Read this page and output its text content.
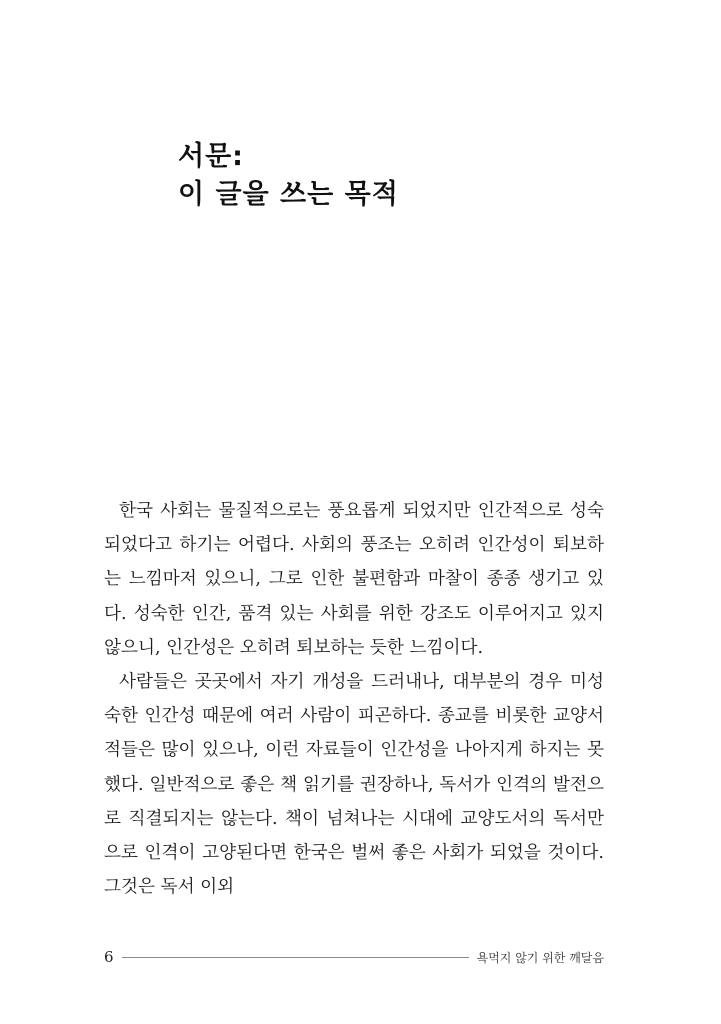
서문:
이 글을 쓰는 목적

한국 사회는 물질적으로는 풍요롭게 되었지만 인간적으로 성숙되었다고 하기는 어렵다. 사회의 풍조는 오히려 인간성이 퇴보하는 느낌마저 있으니, 그로 인한 불편함과 마찰이 종종 생기고 있다. 성숙한 인간, 품격 있는 사회를 위한 강조도 이루어지고 있지 않으니, 인간성은 오히려 퇴보하는 듯한 느낌이다.

사람들은 곳곳에서 자기 개성을 드러내나, 대부분의 경우 미성숙한 인간성 때문에 여러 사람이 피곤하다. 종교를 비롯한 교양서적들은 많이 있으나, 이런 자료들이 인간성을 나아지게 하지는 못했다. 일반적으로 좋은 책 읽기를 권장하나, 독서가 인격의 발전으로 직결되지는 않는다. 책이 넘쳐나는 시대에 교양도서의 독서만으로 인격이 고양된다면 한국은 벌써 좋은 사회가 되었을 것이다. 그것은 독서 이외

6	욕먹지 않기 위한 깨달음
